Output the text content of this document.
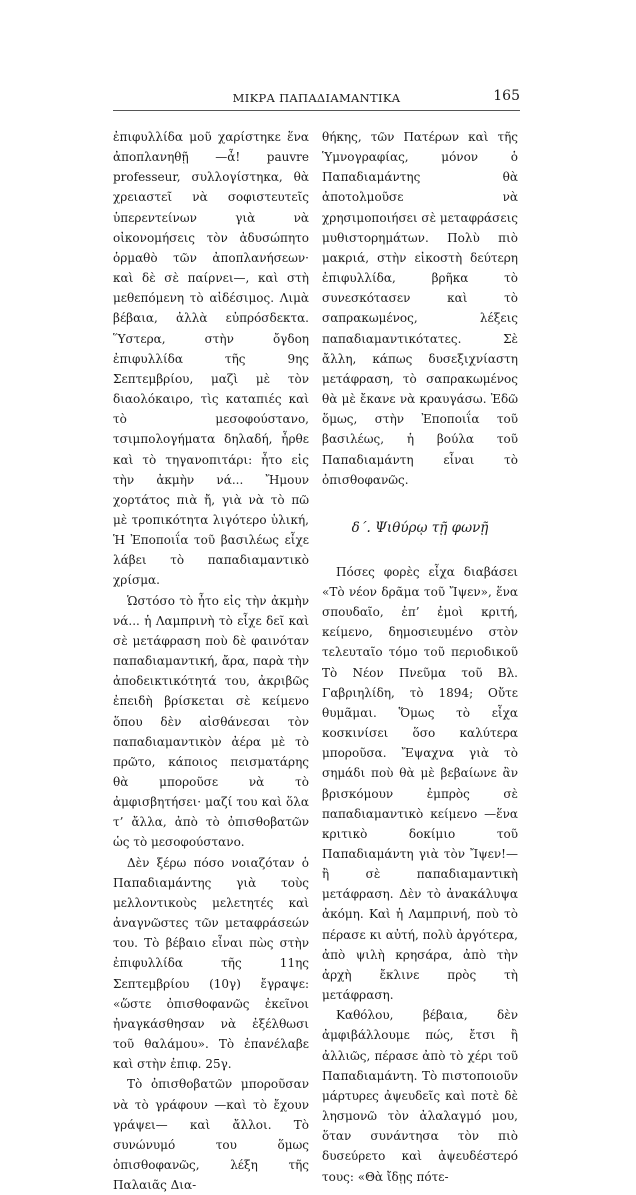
ΜΙΚΡΑ ΠΑΠΑΔΙΑΜΑΝΤΙΚΑ	165

ἐπιφυλλίδα μοῦ χαρίστηκε ἕνα ἀποπλανηθῇ —ἆ! pauvre professeur, συλλογίστηκα, θὰ χρειαστεῖ νὰ σοφιστευτεῖς ὑπερεντείνων γιὰ νὰ οἰκονομήσεις τὸν ἀδυσώπητο ὁρμαθὸ τῶν ἀποπλανήσεων· καὶ δὲ σὲ παίρνει—, καὶ στὴ μεθεπόμενη τὸ αἰδέσιμος. Λιμὰ βέβαια, ἀλλὰ εὐπρόσδεκτα. Ὕστερα, στὴν ὄγδοη ἐπιφυλλίδα τῆς 9ης Σεπτεμβρίου, μαζὶ μὲ τὸν διαολόκαιρο, τὶς καταπιές καὶ τὸ μεσοφούστανο, τσιμπολογήματα δηλαδή, ἦρθε καὶ τὸ τηγανοπιτάρι: ἦτο εἰς τὴν ἀκμὴν νά... Ἤμουν χορτάτος πιὰ ἤ, γιὰ νὰ τὸ πῶ μὲ τροπικότητα λιγότερο ὑλική, Ἡ Ἐποποιΐα τοῦ βασιλέως εἶχε λάβει τὸ παπαδιαμαντικὸ χρίσμα.

Ὡστόσο τὸ ἦτο εἰς τὴν ἀκμὴν νά... ἡ Λαμπρινὴ τὸ εἶχε δεῖ καὶ σὲ μετάφραση ποὺ δὲ φαινόταν παπαδιαμαντική, ἄρα, παρὰ τὴν ἀποδεικτικότητά του, ἀκριβῶς ἐπειδὴ βρίσκεται σὲ κείμενο ὅπου δὲν αἰσθάνεσαι τὸν παπαδιαμαντικὸν ἀέρα μὲ τὸ πρῶτο, κάποιος πεισματάρης θὰ μποροῦσε νὰ τὸ ἀμφισβητήσει· μαζί του καὶ ὅλα τ’ ἄλλα, ἀπὸ τὸ ὀπισθοβατῶν ὡς τὸ μεσοφούστανο.

Δὲν ξέρω πόσο νοιαζόταν ὁ Παπαδιαμάντης γιὰ τοὺς μελλοντικοὺς μελετητές καὶ ἀναγνῶστες τῶν μεταφράσεών του. Τὸ βέβαιο εἶναι πὼς στὴν ἐπιφυλλίδα τῆς 11ης Σεπτεμβρίου (10γ) ἔγραψε: «ὥστε ὀπισθοφανῶς ἐκεῖνοι ἠναγκάσθησαν νὰ ἐξέλθωσι τοῦ θαλάμου». Τὸ ἐπανέλαβε καὶ στὴν ἐπιφ. 25γ.

Τὸ ὀπισθοβατῶν μποροῦσαν νὰ τὸ γράφουν —καὶ τὸ ἔχουν γράψει— καὶ ἄλλοι. Τὸ συνώνυμό του ὅμως ὀπισθοφανῶς, λέξη τῆς Παλαιᾶς Δια-

θήκης, τῶν Πατέρων καὶ τῆς Ὑμνογραφίας, μόνον ὁ Παπαδιαμάντης θὰ ἀποτολμοῦσε νὰ χρησιμοποιήσει σὲ μεταφράσεις μυθιστορημάτων. Πολὺ πιὸ μακριά, στὴν εἰκοστὴ δεύτερη ἐπιφυλλίδα, βρῆκα τὸ συνεσκότασεν καὶ τὸ σαπρακωμένος, λέξεις παπαδιαμαντικότατες. Σὲ ἄλλη, κάπως δυσεξιχνίαστη μετάφραση, τὸ σαπρακωμένος θὰ μὲ ἔκανε νὰ κραυγάσω. Ἐδῶ ὅμως, στὴν Ἐποποιΐα τοῦ βασιλέως, ἡ βούλα τοῦ Παπαδιαμάντη εἶναι τὸ ὀπισθοφανῶς.

δ΄. Ψιθύρῳ τῇ φωνῇ

Πόσες φορὲς εἶχα διαβάσει «Τὸ νέον δρᾶμα τοῦ Ἴψεν», ἕνα σπουδαῖο, ἐπ’ ἐμοὶ κριτή, κείμενο, δημοσιευμένο στὸν τελευταῖο τόμο τοῦ περιοδικοῦ Τὸ Νέον Πνεῦμα τοῦ Βλ. Γαβριηλίδη, τὸ 1894; Οὔτε θυμᾶμαι. Ὅμως τὸ εἶχα κοσκινίσει ὅσο καλύτερα μποροῦσα. Ἔψαχνα γιὰ τὸ σημάδι ποὺ θὰ μὲ βεβαίωνε ἂν βρισκόμουν ἐμπρὸς σὲ παπαδιαμαντικὸ κείμενο —ἕνα κριτικὸ δοκίμιο τοῦ Παπαδιαμάντη γιὰ τὸν Ἴψεν!— ἢ σὲ παπαδιαμαντικὴ μετάφραση. Δὲν τὸ ἀνακάλυψα ἀκόμη. Καὶ ἡ Λαμπρινή, ποὺ τὸ πέρασε κι αὐτή, πολὺ ἀργότερα, ἀπὸ ψιλὴ κρησάρα, ἀπὸ τὴν ἀρχὴ ἔκλινε πρὸς τὴ μετάφραση.

Καθόλου, βέβαια, δὲν ἀμφιβάλλουμε πώς, ἔτσι ἢ ἀλλιῶς, πέρασε ἀπὸ τὸ χέρι τοῦ Παπαδιαμάντη. Τὸ πιστοποιοῦν μάρτυρες ἀψευδεῖς καὶ ποτὲ δὲ λησμονῶ τὸν ἀλαλαγμό μου, ὅταν συνάντησα τὸν πιὸ δυσεύρετο καὶ ἀψευδέστερό τους: «Θὰ ἴδῃς πότε-
